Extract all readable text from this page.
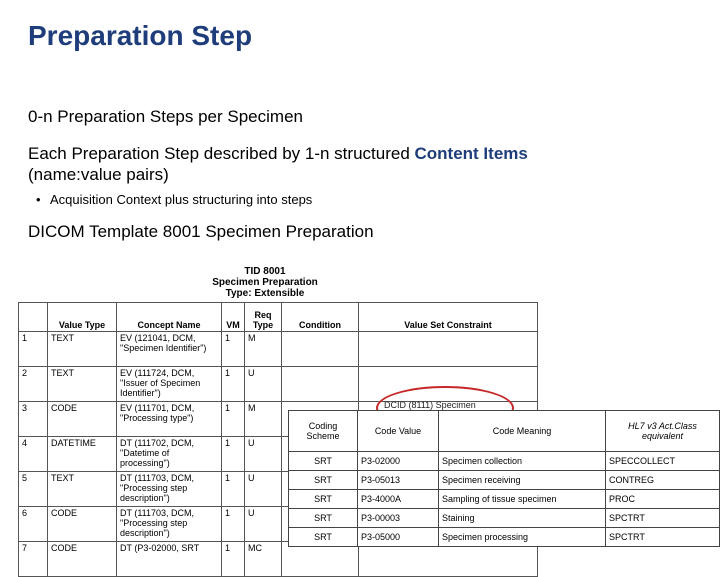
Preparation Step

0-n Preparation Steps per Specimen

Each Preparation Step described by 1-n structured Content Items
(name:value pairs)

• Acquisition Context plus structuring into steps

DICOM Template 8001 Specimen Preparation

TID 8001
Specimen Preparation
Type: Extensible
	Value Type	Concept Name	VM	Req Type	Condition	Value Set Constraint
1	TEXT	EV (121041, DCM, "Specimen Identifier")	1	M		
2	TEXT	EV (111724, DCM, "Issuer of Specimen Identifier")	1	U		
3	CODE	EV (111701, DCM, "Processing type")	1	M		
4	DATETIME	DT (111702, DCM, "Datetime of processing")	1	U		
5	TEXT	DT (111703, DCM, "Processing step description")	1	U		
6	CODE	DT (111703, DCM, "Processing step description")	1	U		
7	CODE	DT (P3-02000, SRT	1	MC		
DCID (8111) Specimen

Coding Scheme	Code Value	Code Meaning	HL7 v3 Act.Class equivalent
SRT	P3-02000	Specimen collection	SPECCOLLECT
SRT	P3-05013	Specimen receiving	CONTREG
SRT	P3-4000A	Sampling of tissue specimen	PROC
SRT	P3-00003	Staining	SPCTRT
SRT	P3-05000	Specimen processing	SPCTRT
